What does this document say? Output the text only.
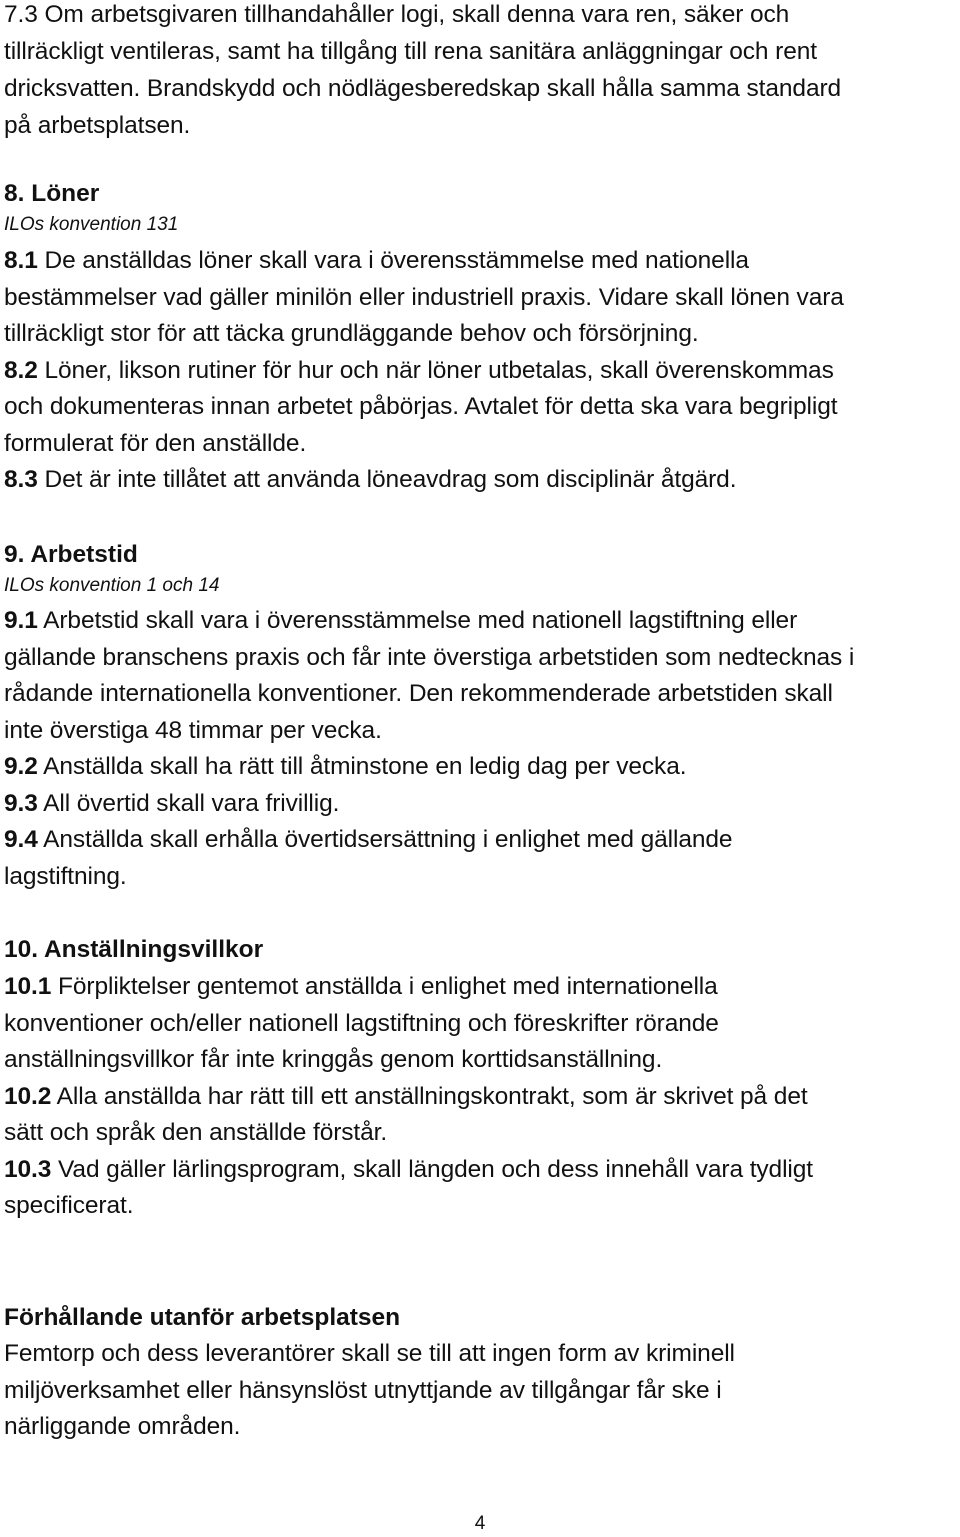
7.3 Om arbetsgivaren tillhandahåller logi, skall denna vara ren, säker och
tillräckligt ventileras, samt ha tillgång till rena sanitära anläggningar och rent
dricksvatten. Brandskydd och nödlägesberedskap skall hålla samma standard
på arbetsplatsen.
8. Löner
ILOs konvention 131
8.1 De anställdas löner skall vara i överensstämmelse med nationella
bestämmelser vad gäller minilön eller industriell praxis. Vidare skall lönen vara
tillräckligt stor för att täcka grundläggande behov och försörjning.
8.2 Löner, likson rutiner för hur och när löner utbetalas, skall överenskommas
och dokumenteras innan arbetet påbörjas. Avtalet för detta ska vara begripligt
formulerat för den anställde.
8.3 Det är inte tillåtet att använda löneavdrag som disciplinär åtgärd.
9. Arbetstid
ILOs konvention 1 och 14
9.1 Arbetstid skall vara i överensstämmelse med nationell lagstiftning eller
gällande branschens praxis och får inte överstiga arbetstiden som nedtecknas i
rådande internationella konventioner. Den rekommenderade arbetstiden skall
inte överstiga 48 timmar per vecka.
9.2 Anställda skall ha rätt till åtminstone en ledig dag per vecka.
9.3 All övertid skall vara frivillig.
9.4 Anställda skall erhålla övertidsersättning i enlighet med gällande
lagstiftning.
10. Anställningsvillkor
10.1 Förpliktelser gentemot anställda i enlighet med internationella
konventioner och/eller nationell lagstiftning och föreskrifter rörande
anställningsvillkor får inte kringgås genom korttidsanställning.
10.2 Alla anställda har rätt till ett anställningskontrakt, som är skrivet på det
sätt och språk den anställde förstår.
10.3 Vad gäller lärlingsprogram, skall längden och dess innehåll vara tydligt
specificerat.
Förhållande utanför arbetsplatsen
Femtorp och dess leverantörer skall se till att ingen form av kriminell
miljöverksamhet eller hänsynslöst utnyttjande av tillgångar får ske i
närliggande områden.
4
